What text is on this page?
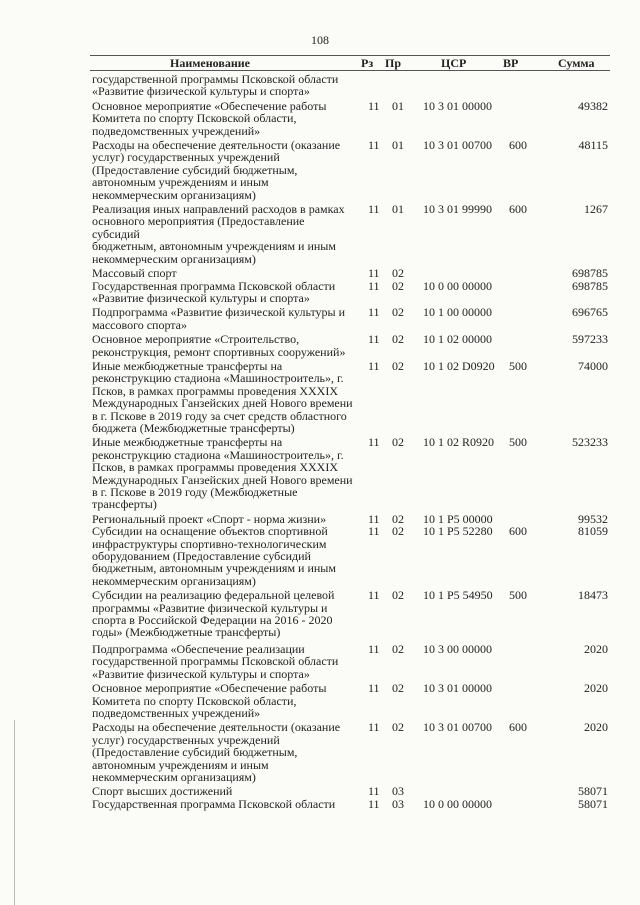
108
Наименование	Рз Пр	ЦСР	ВР	Сумма
государственной программы Псковской области
«Развитие физической культуры и спорта»
Основное мероприятие «Обеспечение работы
Комитета по спорту Псковской области,
подведомственных учреждений»
11 01 10 3 01 00000	49382
Расходы на обеспечение деятельности (оказание
услуг) государственных учреждений
(Предоставление субсидий бюджетным,
автономным учреждениям и иным
некоммерческим организациям)
11 01 10 3 01 00700 600	48115
Реализация иных направлений расходов в рамках
основного мероприятия (Предоставление субсидий
бюджетным, автономным учреждениям и иным
некоммерческим организациям)
11 01 10 3 01 99990 600	1267
Массовый спорт	11 02	698785
Государственная программа Псковской области
«Развитие физической культуры и спорта»
11 02 10 0 00 00000	698785
Подпрограмма «Развитие физической культуры и
массового спорта»
11 02 10 1 00 00000	696765
Основное мероприятие «Строительство,
реконструкция, ремонт спортивных сооружений»
11 02 10 1 02 00000	597233
Иные межбюджетные трансферты на
реконструкцию стадиона «Машиностроитель», г.
Псков, в рамках программы проведения XXXIX
Международных Ганзейских дней Нового времени
в г. Пскове в 2019 году за счет средств областного
бюджета (Межбюджетные трансферты)
11 02 10 1 02 D0920 500	74000
Иные межбюджетные трансферты на
реконструкцию стадиона «Машиностроитель», г.
Псков, в рамках программы проведения XXXIX
Международных Ганзейских дней Нового времени
в г. Пскове в 2019 году (Межбюджетные
трансферты)
11 02 10 1 02 R0920 500	523233
Региональный проект «Спорт - норма жизни»	11 02 10 1 P5 00000	99532
Субсидии на оснащение объектов спортивной
инфраструктуры спортивно-технологическим
оборудованием (Предоставление субсидий
бюджетным, автономным учреждениям и иным
некоммерческим организациям)
11 02 10 1 P5 52280 600	81059
Субсидии на реализацию федеральной целевой
программы «Развитие физической культуры и
спорта в Российской Федерации на 2016 - 2020
годы» (Межбюджетные трансферты)
11 02 10 1 P5 54950 500	18473
Подпрограмма «Обеспечение реализации
государственной программы Псковской области
«Развитие физической культуры и спорта»
11 02 10 3 00 00000	2020
Основное мероприятие «Обеспечение работы
Комитета по спорту Псковской области,
подведомственных учреждений»
11 02 10 3 01 00000	2020
Расходы на обеспечение деятельности (оказание
услуг) государственных учреждений
(Предоставление субсидий бюджетным,
автономным учреждениям и иным
некоммерческим организациям)
11 02 10 3 01 00700 600	2020
Спорт высших достижений	11 03	58071
Государственная программа Псковской области	11 03 10 0 00 00000	58071
